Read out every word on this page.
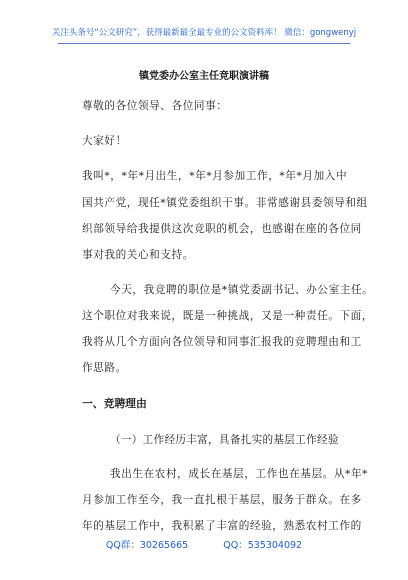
关注头条号“公文研究”，获得最新最全最专业的公文资料库！ 微信：gongwenyj
镇党委办公室主任竞职演讲稿
尊敬的各位领导、各位同事：
大家好！
我叫*，*年*月出生，*年*月参加工作，*年*月加入中
国共产党，现任*镇党委组织干事。非常感谢县委领导和组
织部领导给我提供这次竞职的机会，也感谢在座的各位同
事对我的关心和支持。
今天，我竞聘的职位是*镇党委副书记、办公室主任。
这个职位对我来说，既是一种挑战，又是一种责任。下面，
我将从几个方面向各位领导和同事汇报我的竞聘理由和工
作思路。
一、竞聘理由
（一）工作经历丰富，具备扎实的基层工作经验
我出生在农村，成长在基层，工作也在基层。从*年*
月参加工作至今，我一直扎根于基层，服务于群众。在多
年的基层工作中，我积累了丰富的经验，熟悉农村工作的
QQ群：30265665	QQ：535304092
